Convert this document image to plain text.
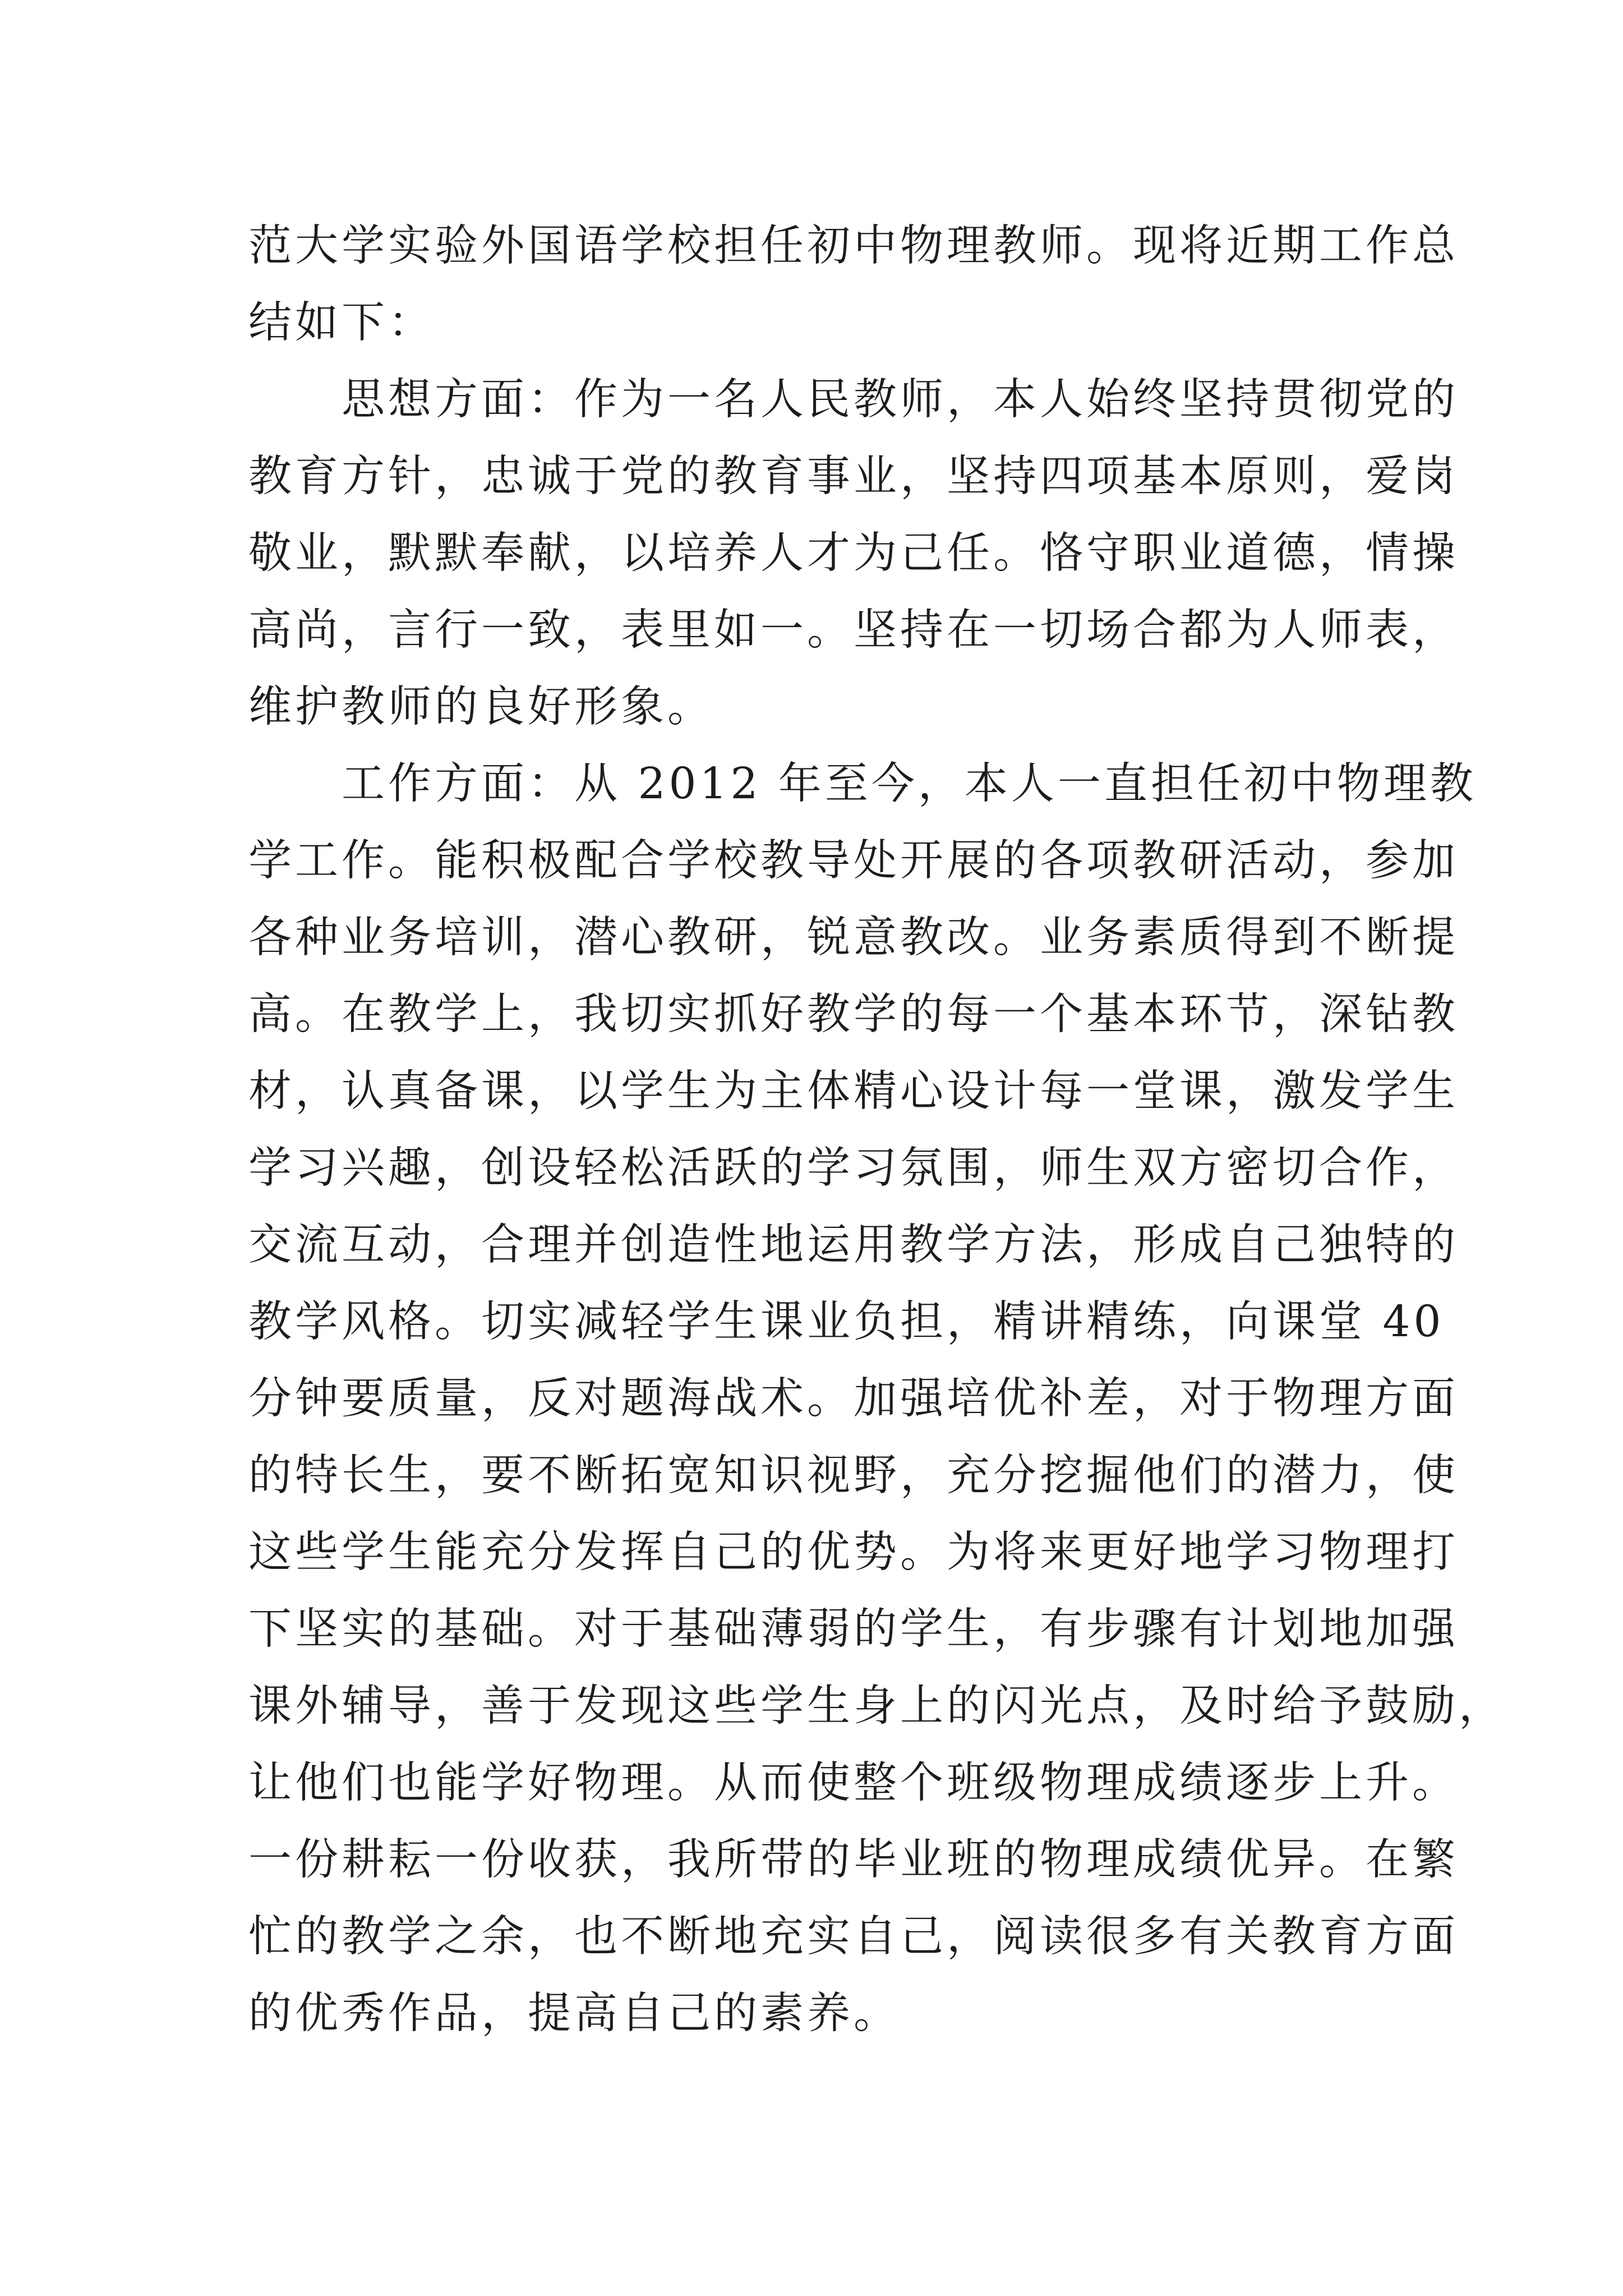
范大学实验外国语学校担任初中物理教师。现将近期工作总
结如下：
思想方面：作为一名人民教师，本人始终坚持贯彻党的
教育方针，忠诚于党的教育事业，坚持四项基本原则，爱岗
敬业，默默奉献，以培养人才为己任。恪守职业道德，情操
高尚，言行一致，表里如一。坚持在一切场合都为人师表，
维护教师的良好形象。
工作方面：从 2012 年至今，本人一直担任初中物理教
学工作。能积极配合学校教导处开展的各项教研活动，参加
各种业务培训，潜心教研，锐意教改。业务素质得到不断提
高。在教学上，我切实抓好教学的每一个基本环节，深钻教
材，认真备课，以学生为主体精心设计每一堂课，激发学生
学习兴趣，创设轻松活跃的学习氛围，师生双方密切合作，
交流互动，合理并创造性地运用教学方法，形成自己独特的
教学风格。切实减轻学生课业负担，精讲精练，向课堂 40
分钟要质量，反对题海战术。加强培优补差，对于物理方面
的特长生，要不断拓宽知识视野，充分挖掘他们的潜力，使
这些学生能充分发挥自己的优势。为将来更好地学习物理打
下坚实的基础。对于基础薄弱的学生，有步骤有计划地加强
课外辅导，善于发现这些学生身上的闪光点，及时给予鼓励，
让他们也能学好物理。从而使整个班级物理成绩逐步上升。
一份耕耘一份收获，我所带的毕业班的物理成绩优异。在繁
忙的教学之余，也不断地充实自己，阅读很多有关教育方面
的优秀作品，提高自己的素养。
